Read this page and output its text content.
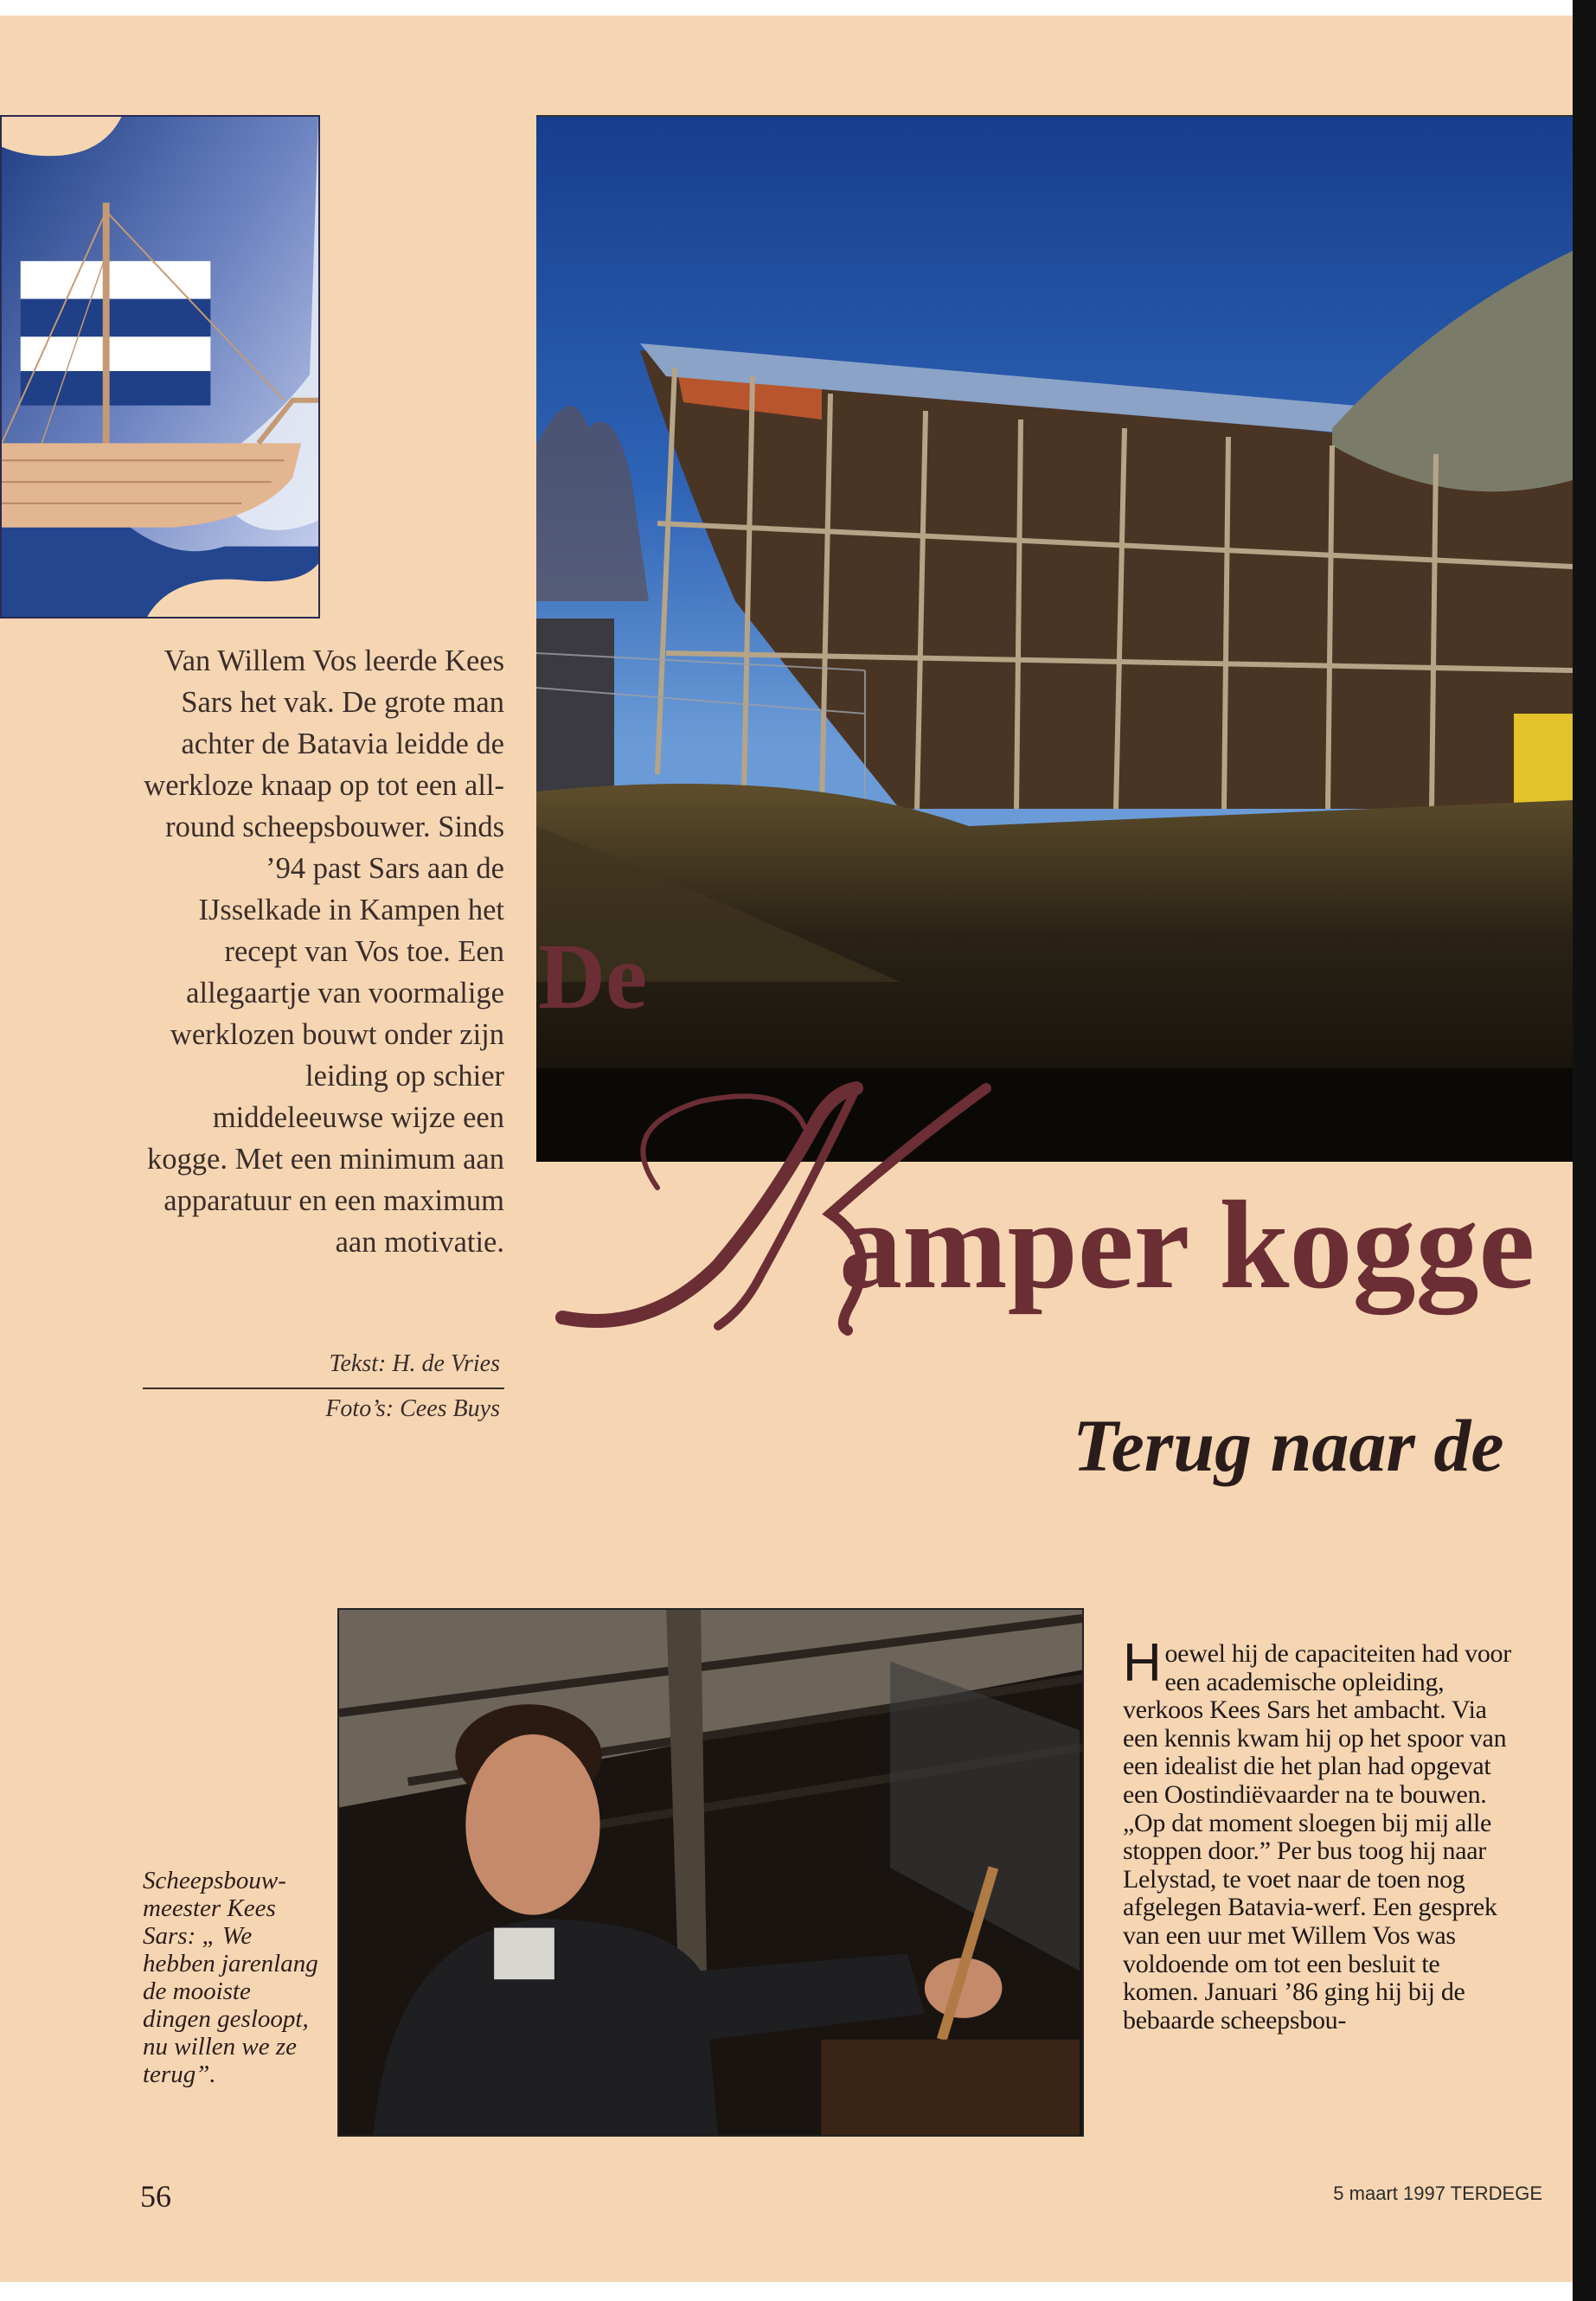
Van Willem Vos leerde Kees Sars het vak. De grote man achter de Batavia leidde de werkloze knaap op tot een all-round scheepsbouwer. Sinds ’94 past Sars aan de IJsselkade in Kampen het recept van Vos toe. Een allegaartje van voormalige werklozen bouwt onder zijn leiding op schier middeleeuwse wijze een kogge. Met een minimum aan apparatuur en een maximum aan motivatie.

Tekst: H. de Vries
Foto’s: Cees Buys
De
amper kogge
Terug naar de

Scheepsbouw-meester Kees Sars: „ We hebben jarenlang de mooiste dingen gesloopt, nu willen we ze terug”.

Hoewel hij de capaciteiten had voor een academische opleiding, verkoos Kees Sars het ambacht. Via een kennis kwam hij op het spoor van een idealist die het plan had opgevat een Oostindiëvaarder na te bouwen. „Op dat moment sloegen bij mij alle stoppen door.” Per bus toog hij naar Lelystad, te voet naar de toen nog afgelegen Batavia-werf. Een gesprek van een uur met Willem Vos was voldoende om tot een besluit te komen. Januari ’86 ging hij bij de bebaarde scheepsbou-

56	5 maart 1997 TERDEGE
